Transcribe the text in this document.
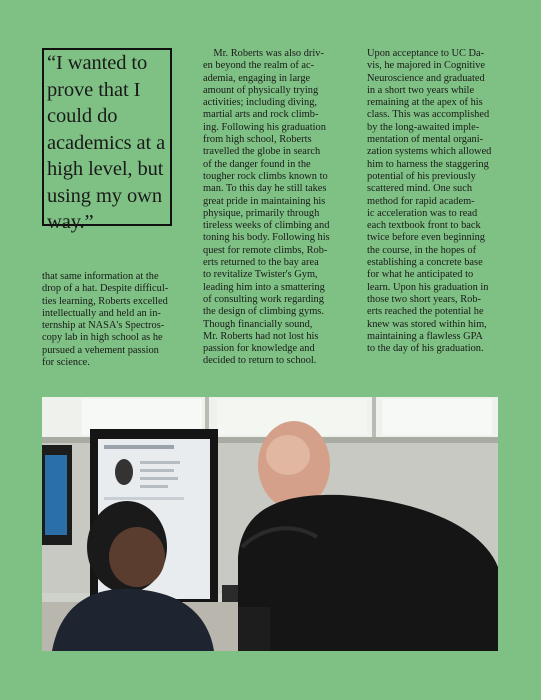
“I wanted to
prove that I
could do
academics at a
high level, but
using my own
way.”

that same information at the
drop of a hat. Despite difficul-
ties learning, Roberts excelled
intellectually and held an in-
ternship at NASA's Spectros-
copy lab in high school as he
pursued a vehement passion
for science.
Mr. Roberts was also driv-
en beyond the realm of ac-
ademia, engaging in large
amount of physically trying
activities; including diving,
martial arts and rock climb-
ing. Following his graduation
from high school, Roberts
travelled the globe in search
of the danger found in the
tougher rock climbs known to
man. To this day he still takes
great pride in maintaining his
physique, primarily through
tireless weeks of climbing and
toning his body. Following his
quest for remote climbs, Rob-
erts returned to the bay area
to revitalize Twister's Gym,
leading him into a smattering
of consulting work regarding
the design of climbing gyms.
Though financially sound,
Mr. Roberts had not lost his
passion for knowledge and
decided to return to school.
Upon acceptance to UC Da-
vis, he majored in Cognitive
Neuroscience and graduated
in a short two years while
remaining at the apex of his
class. This was accomplished
by the long-awaited imple-
mentation of mental organi-
zation systems which allowed
him to harness the staggering
potential of his previously
scattered mind. One such
method for rapid academ-
ic acceleration was to read
each textbook front to back
twice before even beginning
the course, in the hopes of
establishing a concrete base
for what he anticipated to
learn. Upon his graduation in
those two short years, Rob-
erts reached the potential he
knew was stored within him,
maintaining a flawless GPA
to the day of his graduation.
